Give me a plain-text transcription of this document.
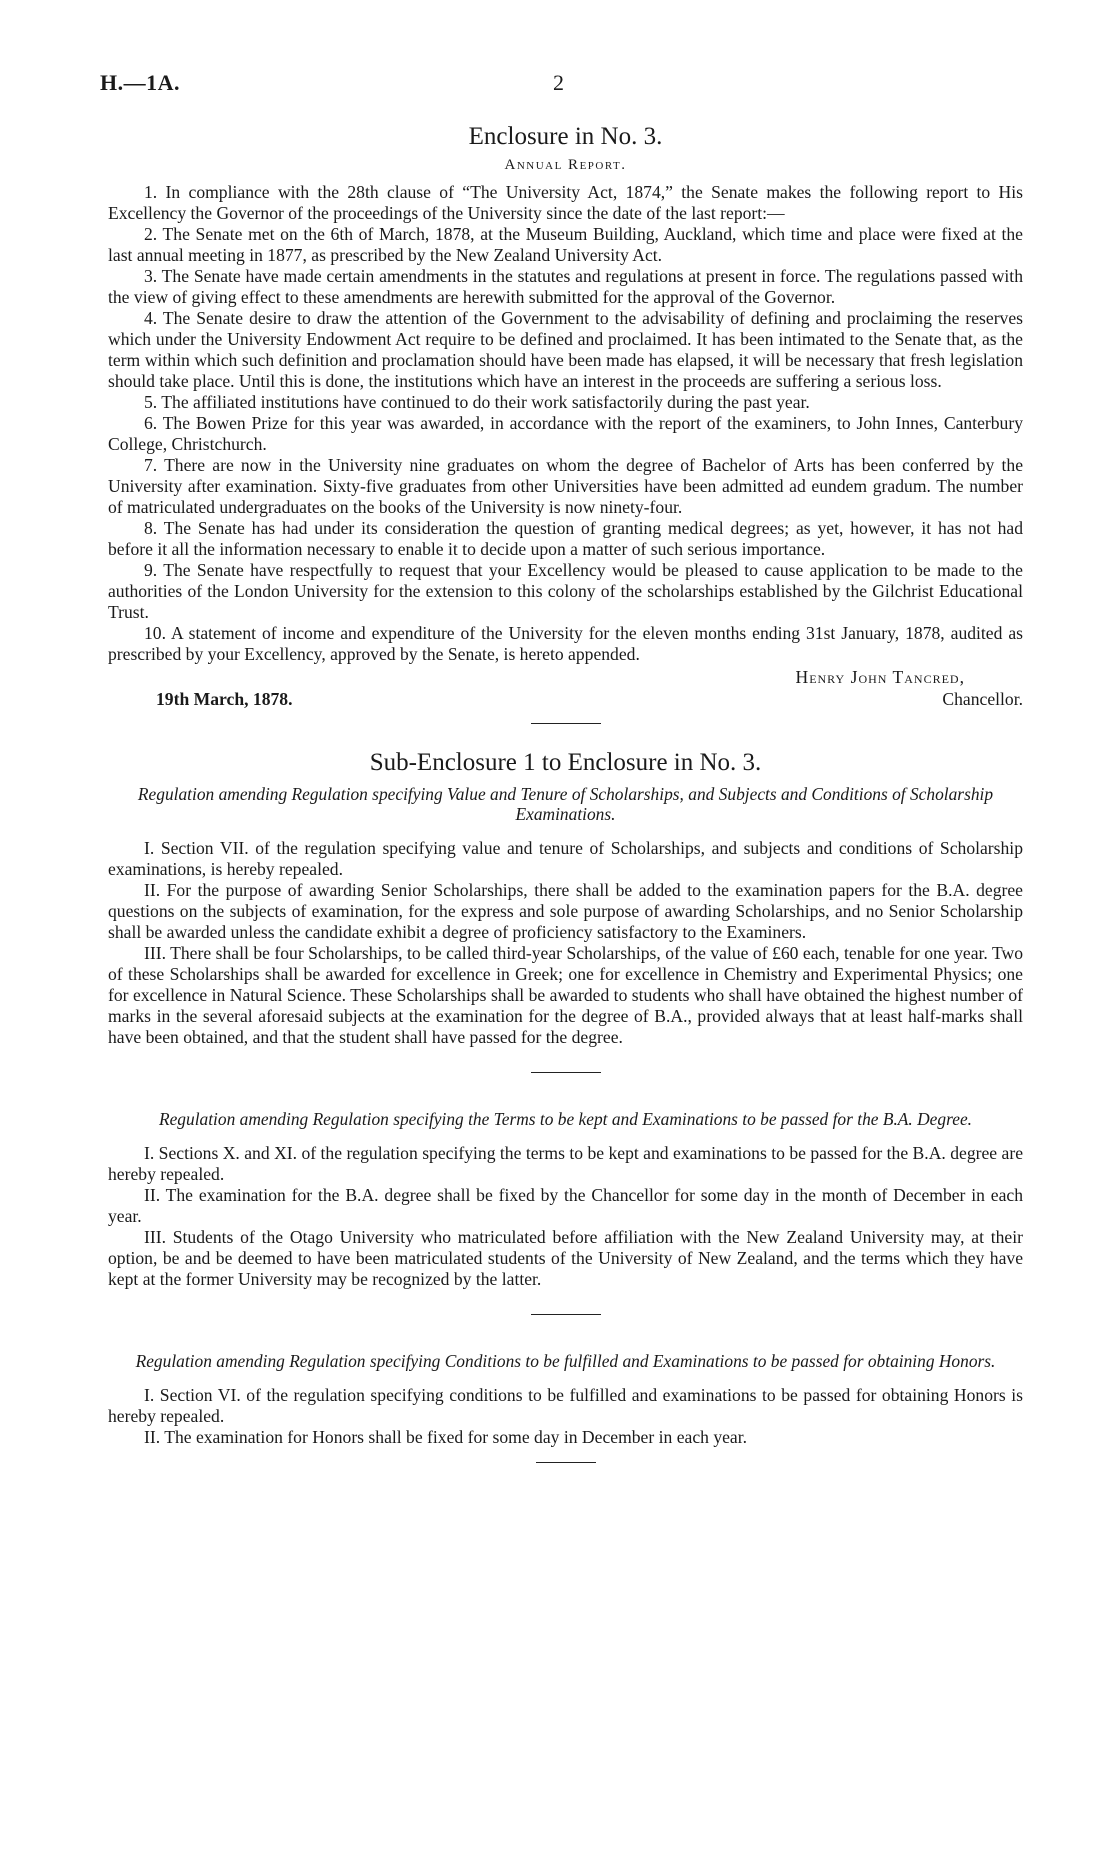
H.—1A.	2
Enclosure in No. 3.
Annual Report.

1. In compliance with the 28th clause of “The University Act, 1874,” the Senate makes the following report to His Excellency the Governor of the proceedings of the University since the date of the last report:—

2. The Senate met on the 6th of March, 1878, at the Museum Building, Auckland, which time and place were fixed at the last annual meeting in 1877, as prescribed by the New Zealand University Act.

3. The Senate have made certain amendments in the statutes and regulations at present in force. The regulations passed with the view of giving effect to these amendments are herewith submitted for the approval of the Governor.

4. The Senate desire to draw the attention of the Government to the advisability of defining and proclaiming the reserves which under the University Endowment Act require to be defined and proclaimed. It has been intimated to the Senate that, as the term within which such definition and proclamation should have been made has elapsed, it will be necessary that fresh legislation should take place. Until this is done, the institutions which have an interest in the proceeds are suffering a serious loss.

5. The affiliated institutions have continued to do their work satisfactorily during the past year.

6. The Bowen Prize for this year was awarded, in accordance with the report of the examiners, to John Innes, Canterbury College, Christchurch.

7. There are now in the University nine graduates on whom the degree of Bachelor of Arts has been conferred by the University after examination. Sixty-five graduates from other Universities have been admitted ad eundem gradum. The number of matriculated undergraduates on the books of the University is now ninety-four.

8. The Senate has had under its consideration the question of granting medical degrees; as yet, however, it has not had before it all the information necessary to enable it to decide upon a matter of such serious importance.

9. The Senate have respectfully to request that your Excellency would be pleased to cause application to be made to the authorities of the London University for the extension to this colony of the scholarships established by the Gilchrist Educational Trust.

10. A statement of income and expenditure of the University for the eleven months ending 31st January, 1878, audited as prescribed by your Excellency, approved by the Senate, is hereto appended.

Henry John Tancred,
19th March, 1878.	Chancellor.
Sub-Enclosure 1 to Enclosure in No. 3.
Regulation amending Regulation specifying Value and Tenure of Scholarships, and Subjects and Conditions of Scholarship Examinations.

I. Section VII. of the regulation specifying value and tenure of Scholarships, and subjects and conditions of Scholarship examinations, is hereby repealed.

II. For the purpose of awarding Senior Scholarships, there shall be added to the examination papers for the B.A. degree questions on the subjects of examination, for the express and sole purpose of awarding Scholarships, and no Senior Scholarship shall be awarded unless the candidate exhibit a degree of proficiency satisfactory to the Examiners.

III. There shall be four Scholarships, to be called third-year Scholarships, of the value of £60 each, tenable for one year. Two of these Scholarships shall be awarded for excellence in Greek; one for excellence in Chemistry and Experimental Physics; one for excellence in Natural Science. These Scholarships shall be awarded to students who shall have obtained the highest number of marks in the several aforesaid subjects at the examination for the degree of B.A., provided always that at least half-marks shall have been obtained, and that the student shall have passed for the degree.

Regulation amending Regulation specifying the Terms to be kept and Examinations to be passed for the B.A. Degree.

I. Sections X. and XI. of the regulation specifying the terms to be kept and examinations to be passed for the B.A. degree are hereby repealed.

II. The examination for the B.A. degree shall be fixed by the Chancellor for some day in the month of December in each year.

III. Students of the Otago University who matriculated before affiliation with the New Zealand University may, at their option, be and be deemed to have been matriculated students of the University of New Zealand, and the terms which they have kept at the former University may be recognized by the latter.

Regulation amending Regulation specifying Conditions to be fulfilled and Examinations to be passed for obtaining Honors.

I. Section VI. of the regulation specifying conditions to be fulfilled and examinations to be passed for obtaining Honors is hereby repealed.

II. The examination for Honors shall be fixed for some day in December in each year.
